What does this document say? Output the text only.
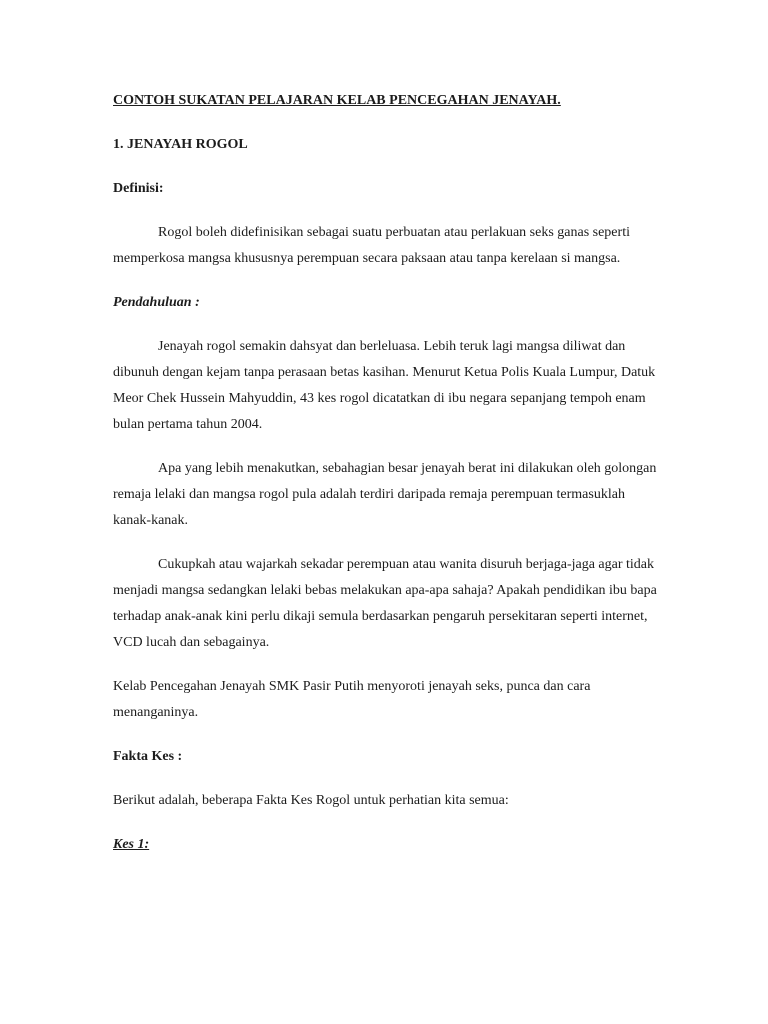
CONTOH SUKATAN PELAJARAN KELAB PENCEGAHAN JENAYAH.

1. JENAYAH ROGOL

Definisi:

Rogol boleh didefinisikan sebagai suatu perbuatan atau perlakuan seks ganas seperti memperkosa mangsa khususnya perempuan secara paksaan atau tanpa kerelaan si mangsa.

Pendahuluan :

Jenayah rogol semakin dahsyat dan berleluasa. Lebih teruk lagi mangsa diliwat dan dibunuh dengan kejam tanpa perasaan betas kasihan. Menurut Ketua Polis Kuala Lumpur, Datuk Meor Chek Hussein Mahyuddin, 43 kes rogol dicatatkan di ibu negara sepanjang tempoh enam bulan pertama tahun 2004.

Apa yang lebih menakutkan, sebahagian besar jenayah berat ini dilakukan oleh golongan remaja lelaki dan mangsa rogol pula adalah terdiri daripada remaja perempuan termasuklah kanak-kanak.

Cukupkah atau wajarkah sekadar perempuan atau wanita disuruh berjaga-jaga agar tidak menjadi mangsa sedangkan lelaki bebas melakukan apa-apa sahaja? Apakah pendidikan ibu bapa terhadap anak-anak kini perlu dikaji semula berdasarkan pengaruh persekitaran seperti internet, VCD lucah dan sebagainya.

Kelab Pencegahan Jenayah SMK Pasir Putih menyoroti jenayah seks, punca dan cara menanganinya.

Fakta Kes :

Berikut adalah, beberapa Fakta Kes Rogol untuk perhatian kita semua:

Kes 1:
